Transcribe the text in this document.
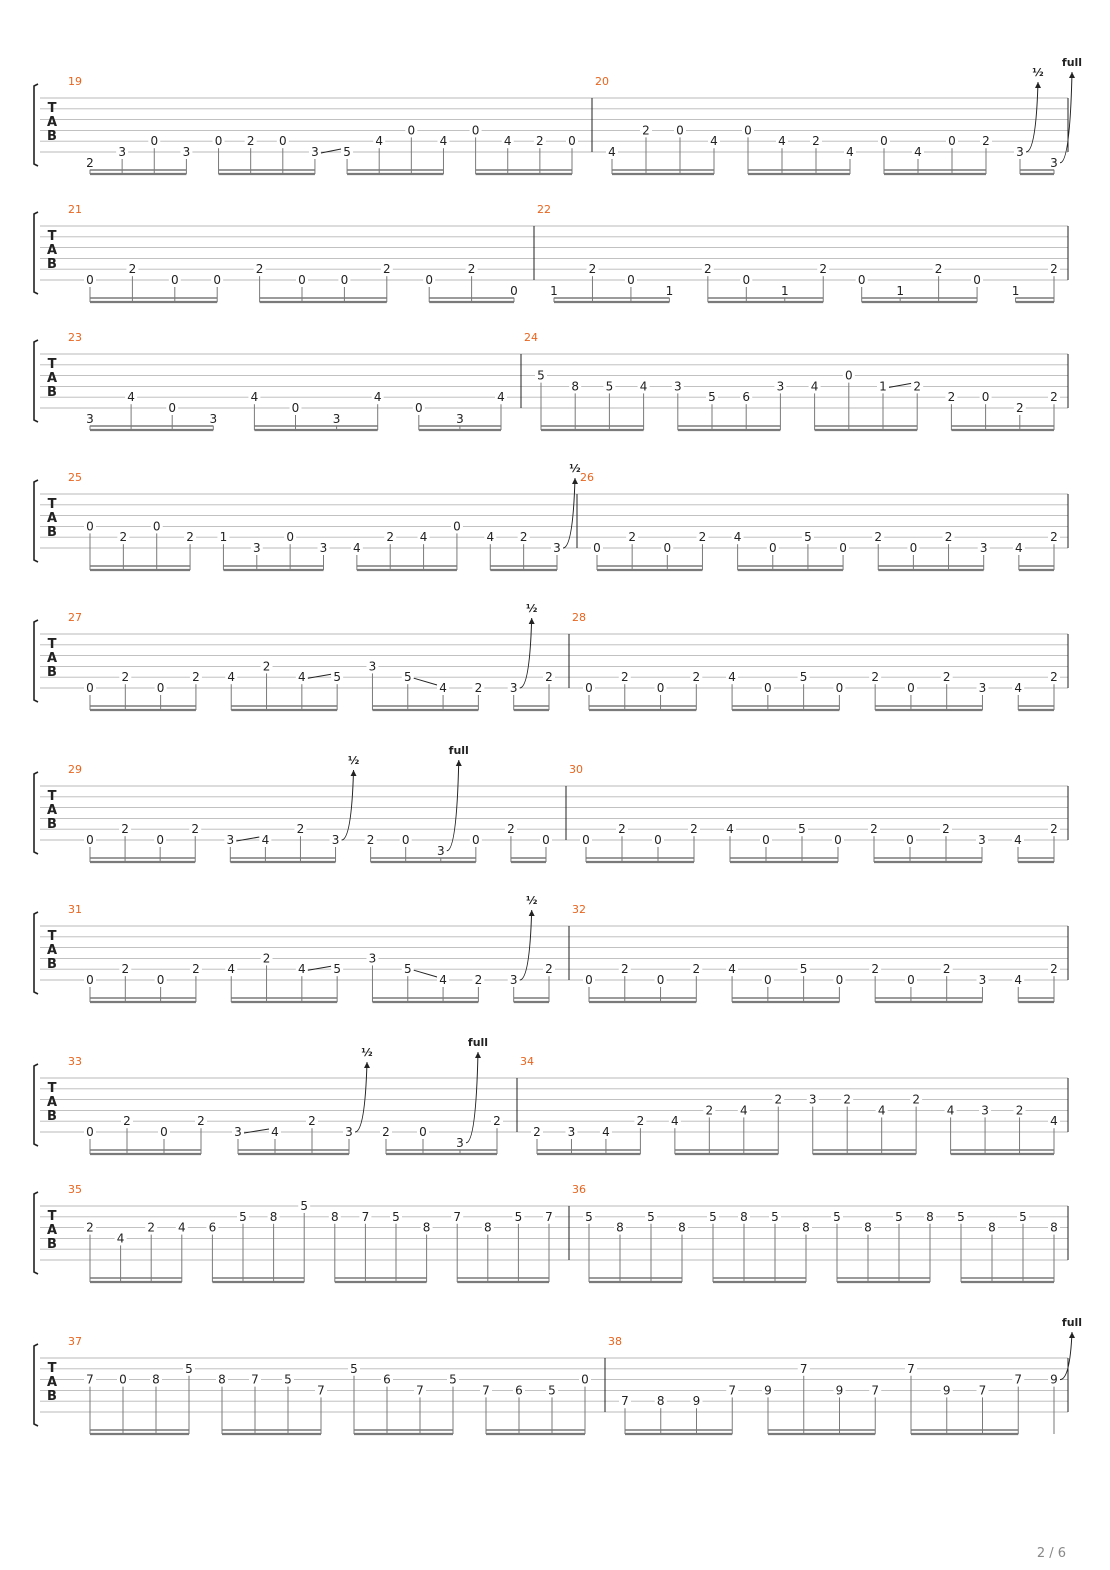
T
A
B
19
2
3
0
3
0 2 0
3 5
4
0
4
0
4 2 0
20
4
2 0
4
0
4 2
4
0
4
0 2
3
½
3
full
T
A
B
21
0
2
0	0
2
0	0
2
0
2
0
22
1
2
0
1
2
0
1
2
0
1
2
0
1
2
T
A
B
23
3
4
0
3
4
0
3
4
0
3
4
24
5
8 5 4 3
5 6
3 4
0
1 2
2 0
2
2
T
A
B
25
0
2
0
2 1
3
0
3 4
2 4
0
4 2
3
½
26
0
2
0
2 4
0
5
0
2
0
2
3 4
2
T
A
B
27
0
2
0
2 4
2
4 5
3
5
4 2 3
½
2
28
0
2
0
2 4
0
5
0
2
0
2
3 4
2
T
A
B
29
0
2
0
2
3 4
2
3
½
2 0
3
full
0
2
0
30
0
2
0
2 4
0
5
0
2
0
2
3 4
2
T
A
B
31
0
2
0
2 4
2
4 5
3
5
4 2 3
½
2
32
0
2
0
2 4
0
5
0
2
0
2
3 4
2
T
A
B
33
0
2
0
2
3 4
2
3
½
2 0
3
full
2
34
2 3 4
2 4
2 4
2 3 2
4
2
4 3 2
4
T
A
B
35
2
4
2 4 6
5 8
5
8 7 5
8
7
8
5 7
36
5
8
5
8
5 8 5
8
5
8
5 8 5
8
5
8
T
A
B
37
7 0 8
5
8 7 5
7
5
6
7
5
7 6 5
0
38
7 8 9
7 9
7
9 7
7
9 7
7 9
full
2 / 6
